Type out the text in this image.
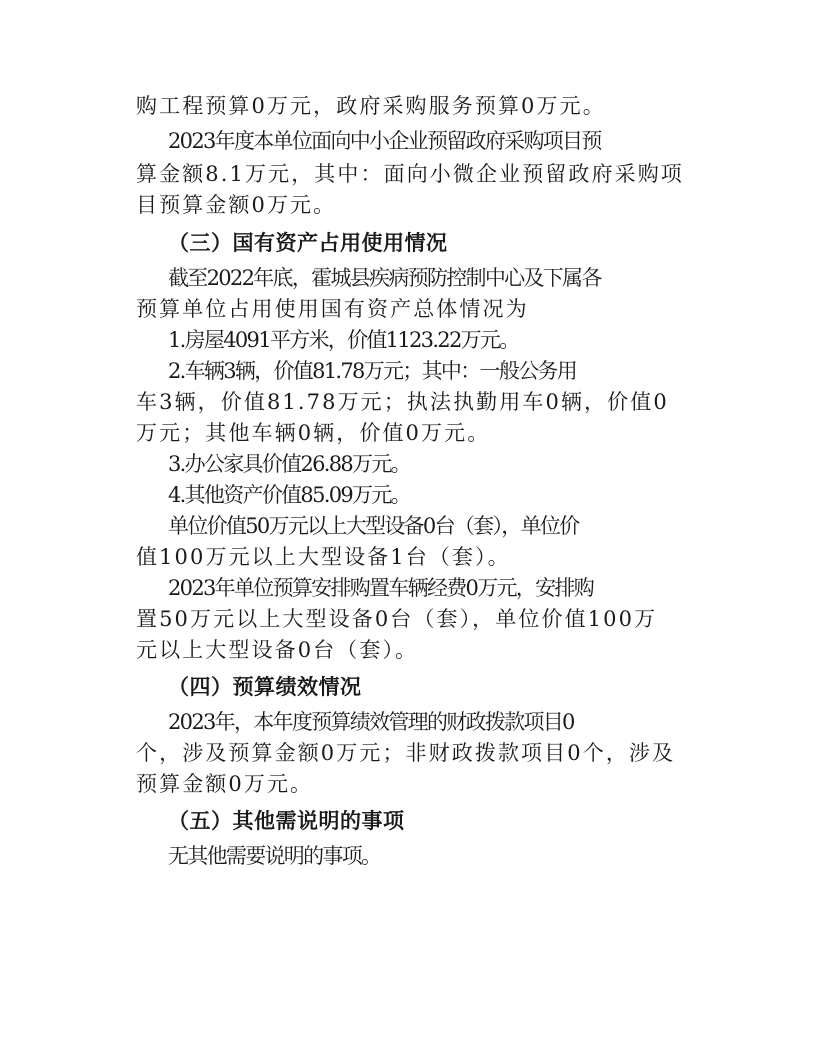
购工程预算0万元，政府采购服务预算0万元。
2023年度本单位面向中小企业预留政府采购项目预
算金额8.1万元，其中：面向小微企业预留政府采购项
目预算金额0万元。
（三）国有资产占用使用情况
截至2022年底，霍城县疾病预防控制中心及下属各
预算单位占用使用国有资产总体情况为
1.房屋4091平方米，价值1123.22万元。
2.车辆3辆，价值81.78万元；其中：一般公务用
车3辆，价值81.78万元；执法执勤用车0辆，价值0
万元；其他车辆0辆，价值0万元。
3.办公家具价值26.88万元。
4.其他资产价值85.09万元。
单位价值50万元以上大型设备0台（套），单位价
值100万元以上大型设备1台（套）。
2023年单位预算安排购置车辆经费0万元，安排购
置50万元以上大型设备0台（套），单位价值100万
元以上大型设备0台（套）。
（四）预算绩效情况
2023年，本年度预算绩效管理的财政拨款项目0
个，涉及预算金额0万元；非财政拨款项目0个，涉及
预算金额0万元。
（五）其他需说明的事项
无其他需要说明的事项。
